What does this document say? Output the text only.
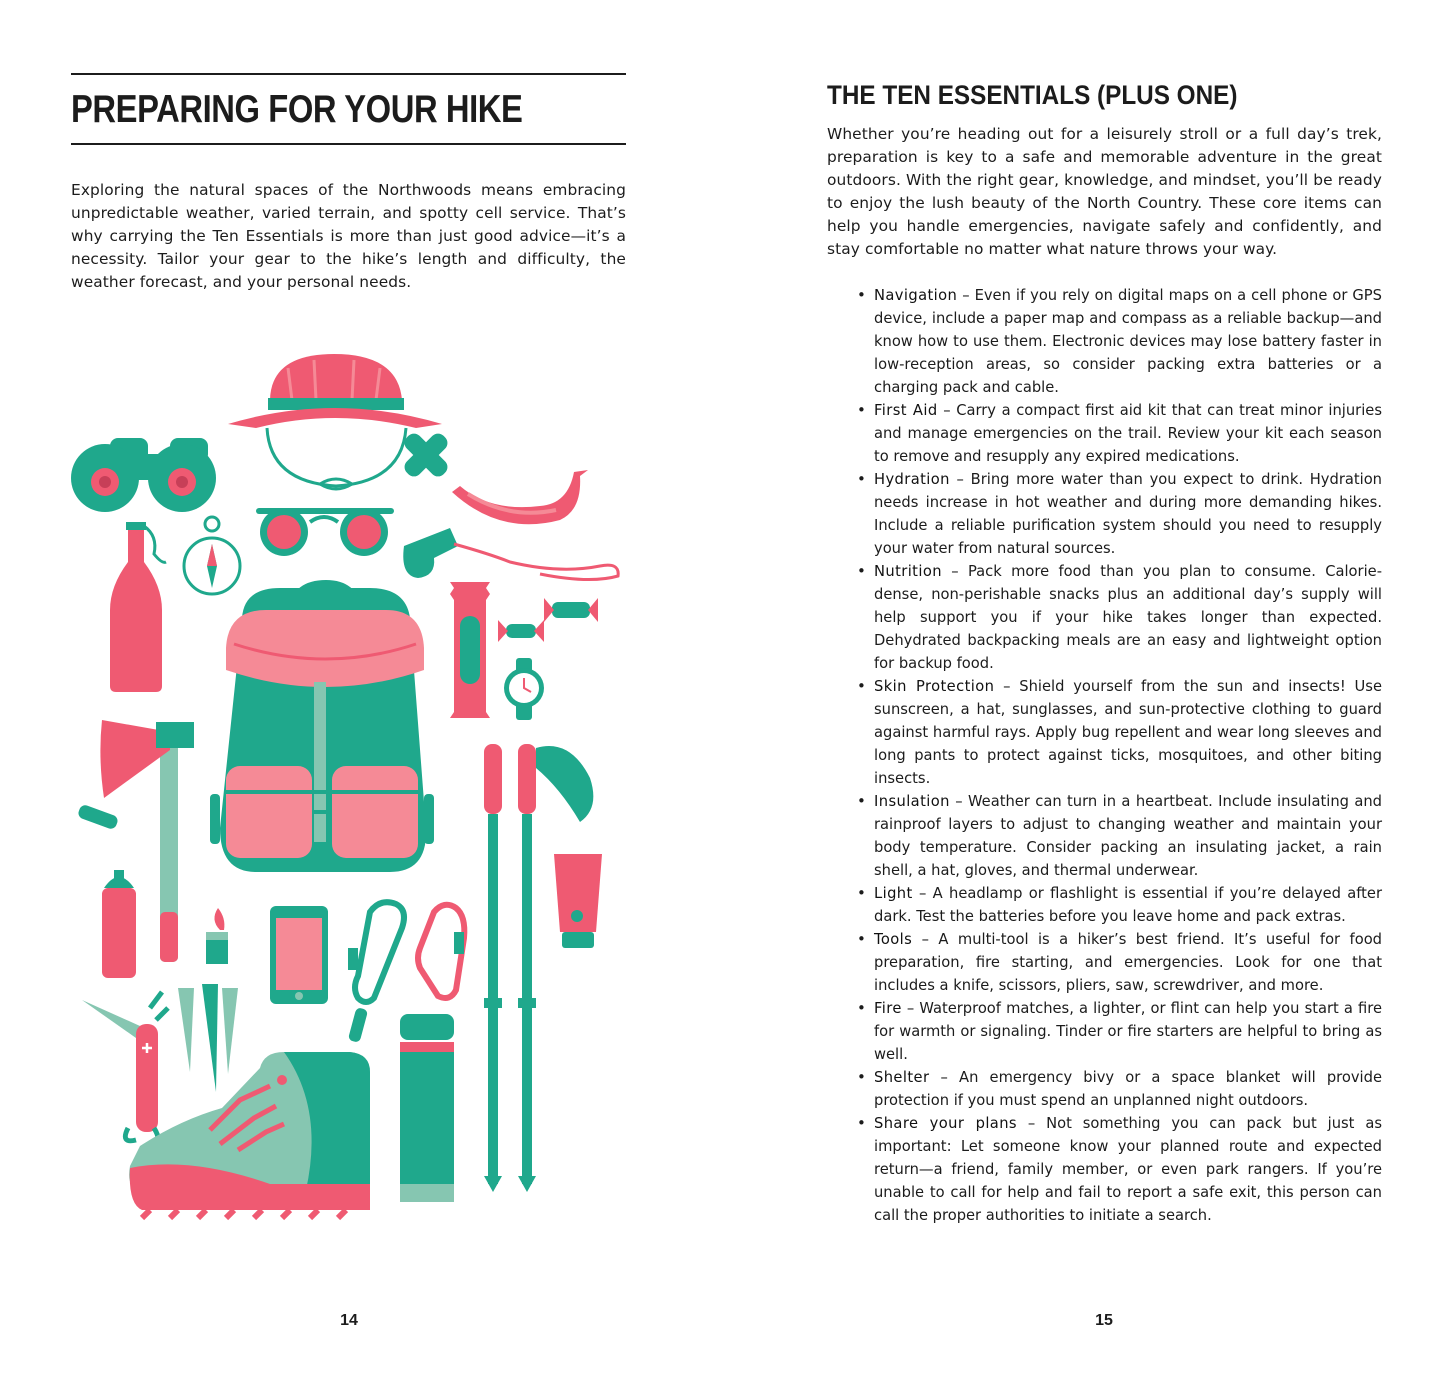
PREPARING FOR YOUR HIKE

Exploring the natural spaces of the Northwoods means embracing unpredictable weather, varied terrain, and spotty cell service. That’s why carrying the Ten Essentials is more than just good advice—it’s a necessity. Tailor your gear to the hike’s length and difficulty, the weather forecast, and your personal needs.

14
THE TEN ESSENTIALS (PLUS ONE)

Whether you’re heading out for a leisurely stroll or a full day’s trek, preparation is key to a safe and memorable adventure in the great outdoors. With the right gear, knowledge, and mindset, you’ll be ready to enjoy the lush beauty of the North Country. These core items can help you handle emergencies, navigate safely and confidently, and stay comfortable no matter what nature throws your way.

• Navigation – Even if you rely on digital maps on a cell phone or GPS device, include a paper map and compass as a reliable backup—and know how to use them. Electronic devices may lose battery faster in low-reception areas, so consider packing extra batteries or a charging pack and cable.
• First Aid – Carry a compact first aid kit that can treat minor injuries and manage emergencies on the trail. Review your kit each season to remove and resupply any expired medications.
• Hydration – Bring more water than you expect to drink. Hydration needs increase in hot weather and during more demanding hikes. Include a reliable purification system should you need to resupply your water from natural sources.
• Nutrition – Pack more food than you plan to consume. Calorie-dense, non-perishable snacks plus an additional day’s supply will help support you if your hike takes longer than expected. Dehydrated backpacking meals are an easy and lightweight option for backup food.
• Skin Protection – Shield yourself from the sun and insects! Use sunscreen, a hat, sunglasses, and sun-protective clothing to guard against harmful rays. Apply bug repellent and wear long sleeves and long pants to protect against ticks, mosquitoes, and other biting insects.
• Insulation – Weather can turn in a heartbeat. Include insulating and rainproof layers to adjust to changing weather and maintain your body temperature. Consider packing an insulating jacket, a rain shell, a hat, gloves, and thermal underwear.
• Light – A headlamp or flashlight is essential if you’re delayed after dark. Test the batteries before you leave home and pack extras.
• Tools – A multi-tool is a hiker’s best friend. It’s useful for food preparation, fire starting, and emergencies. Look for one that includes a knife, scissors, pliers, saw, screwdriver, and more.
• Fire – Waterproof matches, a lighter, or flint can help you start a fire for warmth or signaling. Tinder or fire starters are helpful to bring as well.
• Shelter – An emergency bivy or a space blanket will provide protection if you must spend an unplanned night outdoors.
• Share your plans – Not something you can pack but just as important: Let someone know your planned route and expected return—a friend, family member, or even park rangers. If you’re unable to call for help and fail to report a safe exit, this person can call the proper authorities to initiate a search.
15
